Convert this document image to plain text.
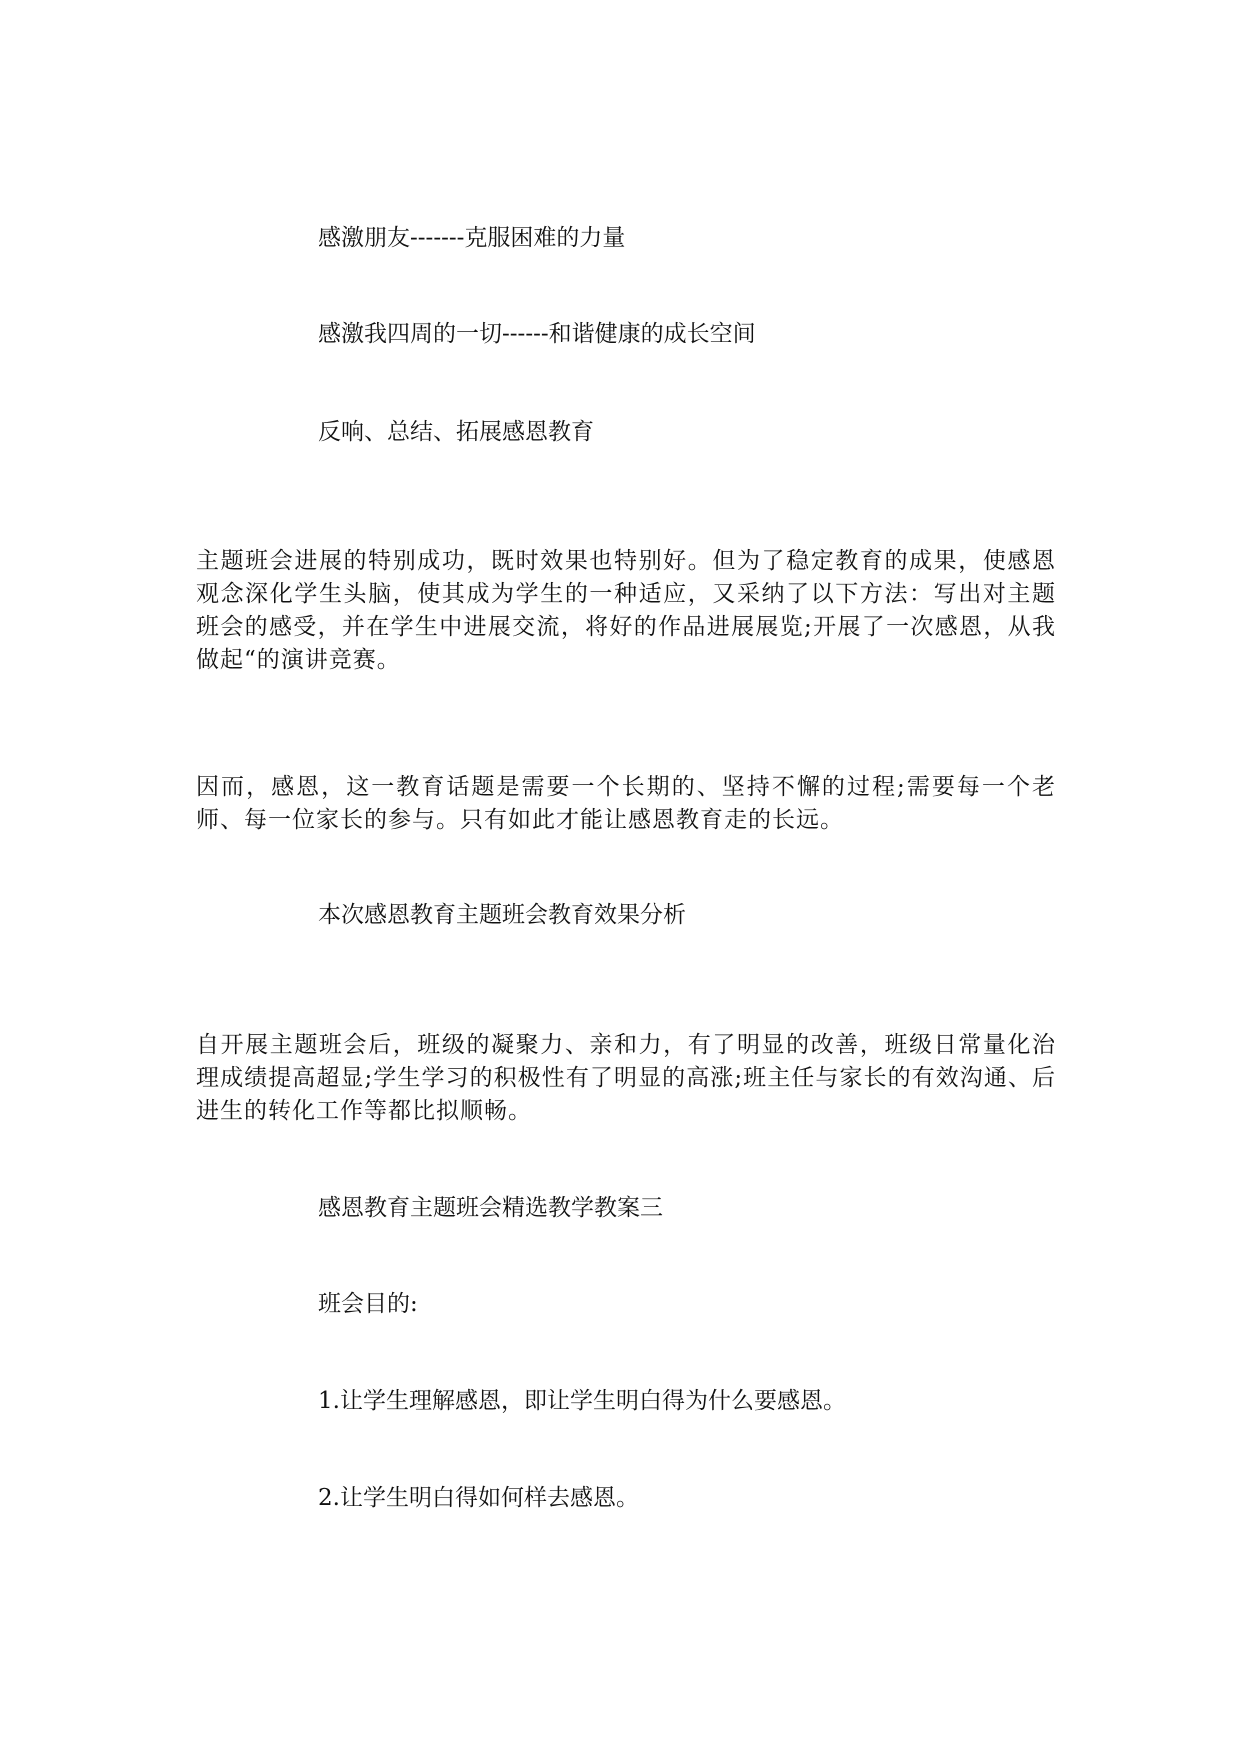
感激朋友-------克服困难的力量
感激我四周的一切------和谐健康的成长空间
反响、总结、拓展感恩教育
主题班会进展的特别成功，既时效果也特别好。但为了稳定教育的成果，使感恩观念深化学生头脑，使其成为学生的一种适应，又采纳了以下方法：写出对主题班会的感受，并在学生中进展交流，将好的作品进展展览;开展了一次感恩，从我做起“的演讲竞赛。
因而，感恩，这一教育话题是需要一个长期的、坚持不懈的过程;需要每一个老师、每一位家长的参与。只有如此才能让感恩教育走的长远。
本次感恩教育主题班会教育效果分析
自开展主题班会后，班级的凝聚力、亲和力，有了明显的改善，班级日常量化治理成绩提高超显;学生学习的积极性有了明显的高涨;班主任与家长的有效沟通、后进生的转化工作等都比拟顺畅。
感恩教育主题班会精选教学教案三
班会目的:
1.让学生理解感恩，即让学生明白得为什么要感恩。
2.让学生明白得如何样去感恩。
